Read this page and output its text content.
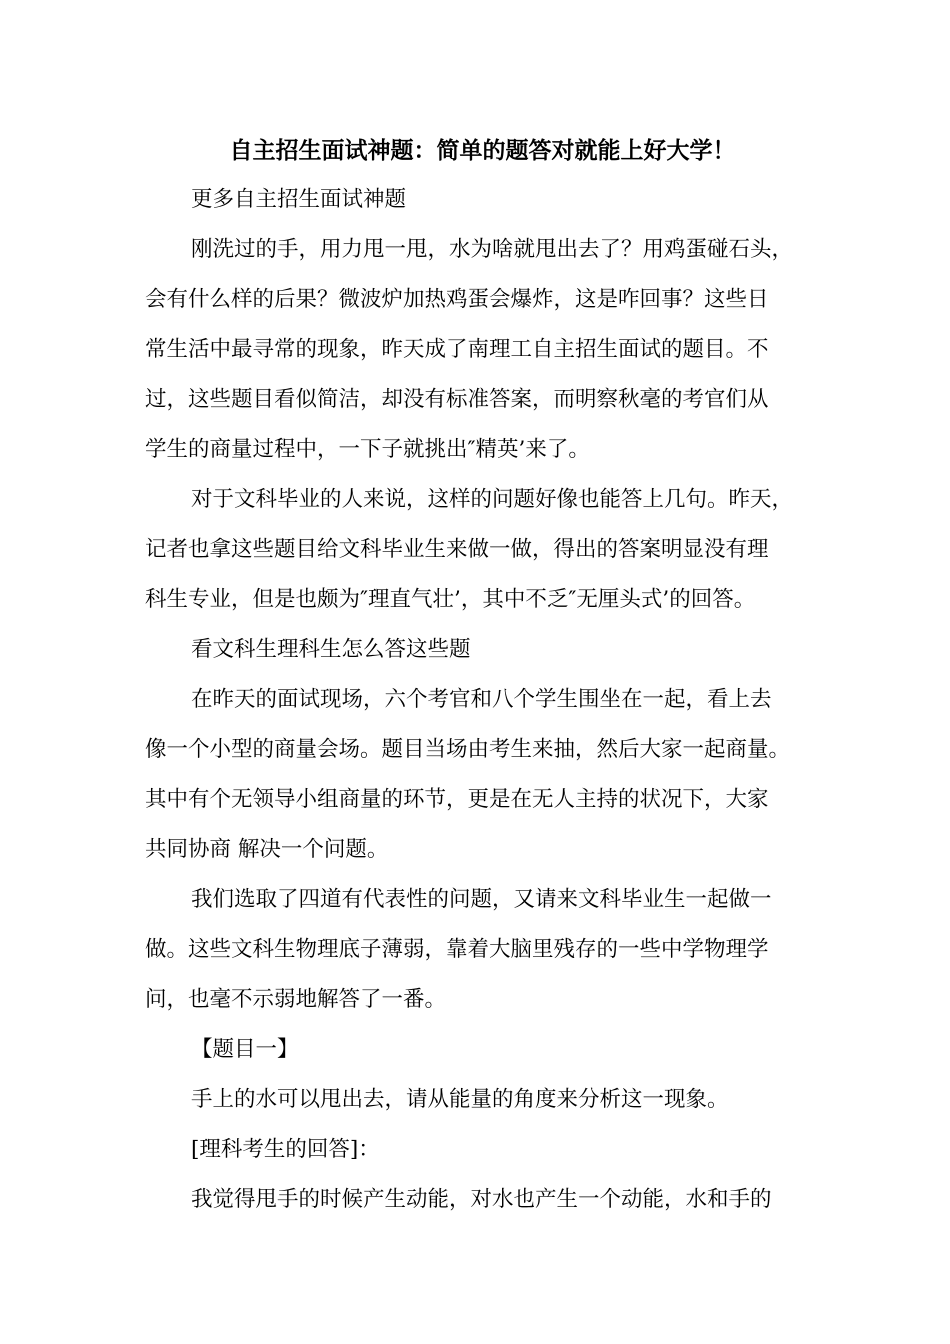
自主招生面试神题：简单的题答对就能上好大学！
更多自主招生面试神题
刚洗过的手，用力甩一甩，水为啥就甩出去了？用鸡蛋碰石头，
会有什么样的后果？微波炉加热鸡蛋会爆炸，这是咋回事？这些日
常生活中最寻常的现象，昨天成了南理工自主招生面试的题目。不
过，这些题目看似简洁，却没有标准答案，而明察秋毫的考官们从
学生的商量过程中，一下子就挑出″精英’来了。
对于文科毕业的人来说，这样的问题好像也能答上几句。昨天，
记者也拿这些题目给文科毕业生来做一做，得出的答案明显没有理
科生专业，但是也颇为″理直气壮’，其中不乏″无厘头式’的回答。
看文科生理科生怎么答这些题
在昨天的面试现场，六个考官和八个学生围坐在一起，看上去
像一个小型的商量会场。题目当场由考生来抽，然后大家一起商量。
其中有个无领导小组商量的环节，更是在无人主持的状况下，大家
共同协商 解决一个问题。
我们选取了四道有代表性的问题，又请来文科毕业生一起做一
做。这些文科生物理底子薄弱，靠着大脑里残存的一些中学物理学
问，也毫不示弱地解答了一番。
【题目一】
手上的水可以甩出去，请从能量的角度来分析这一现象。
[理科考生的回答]：
我觉得甩手的时候产生动能，对水也产生一个动能，水和手的
